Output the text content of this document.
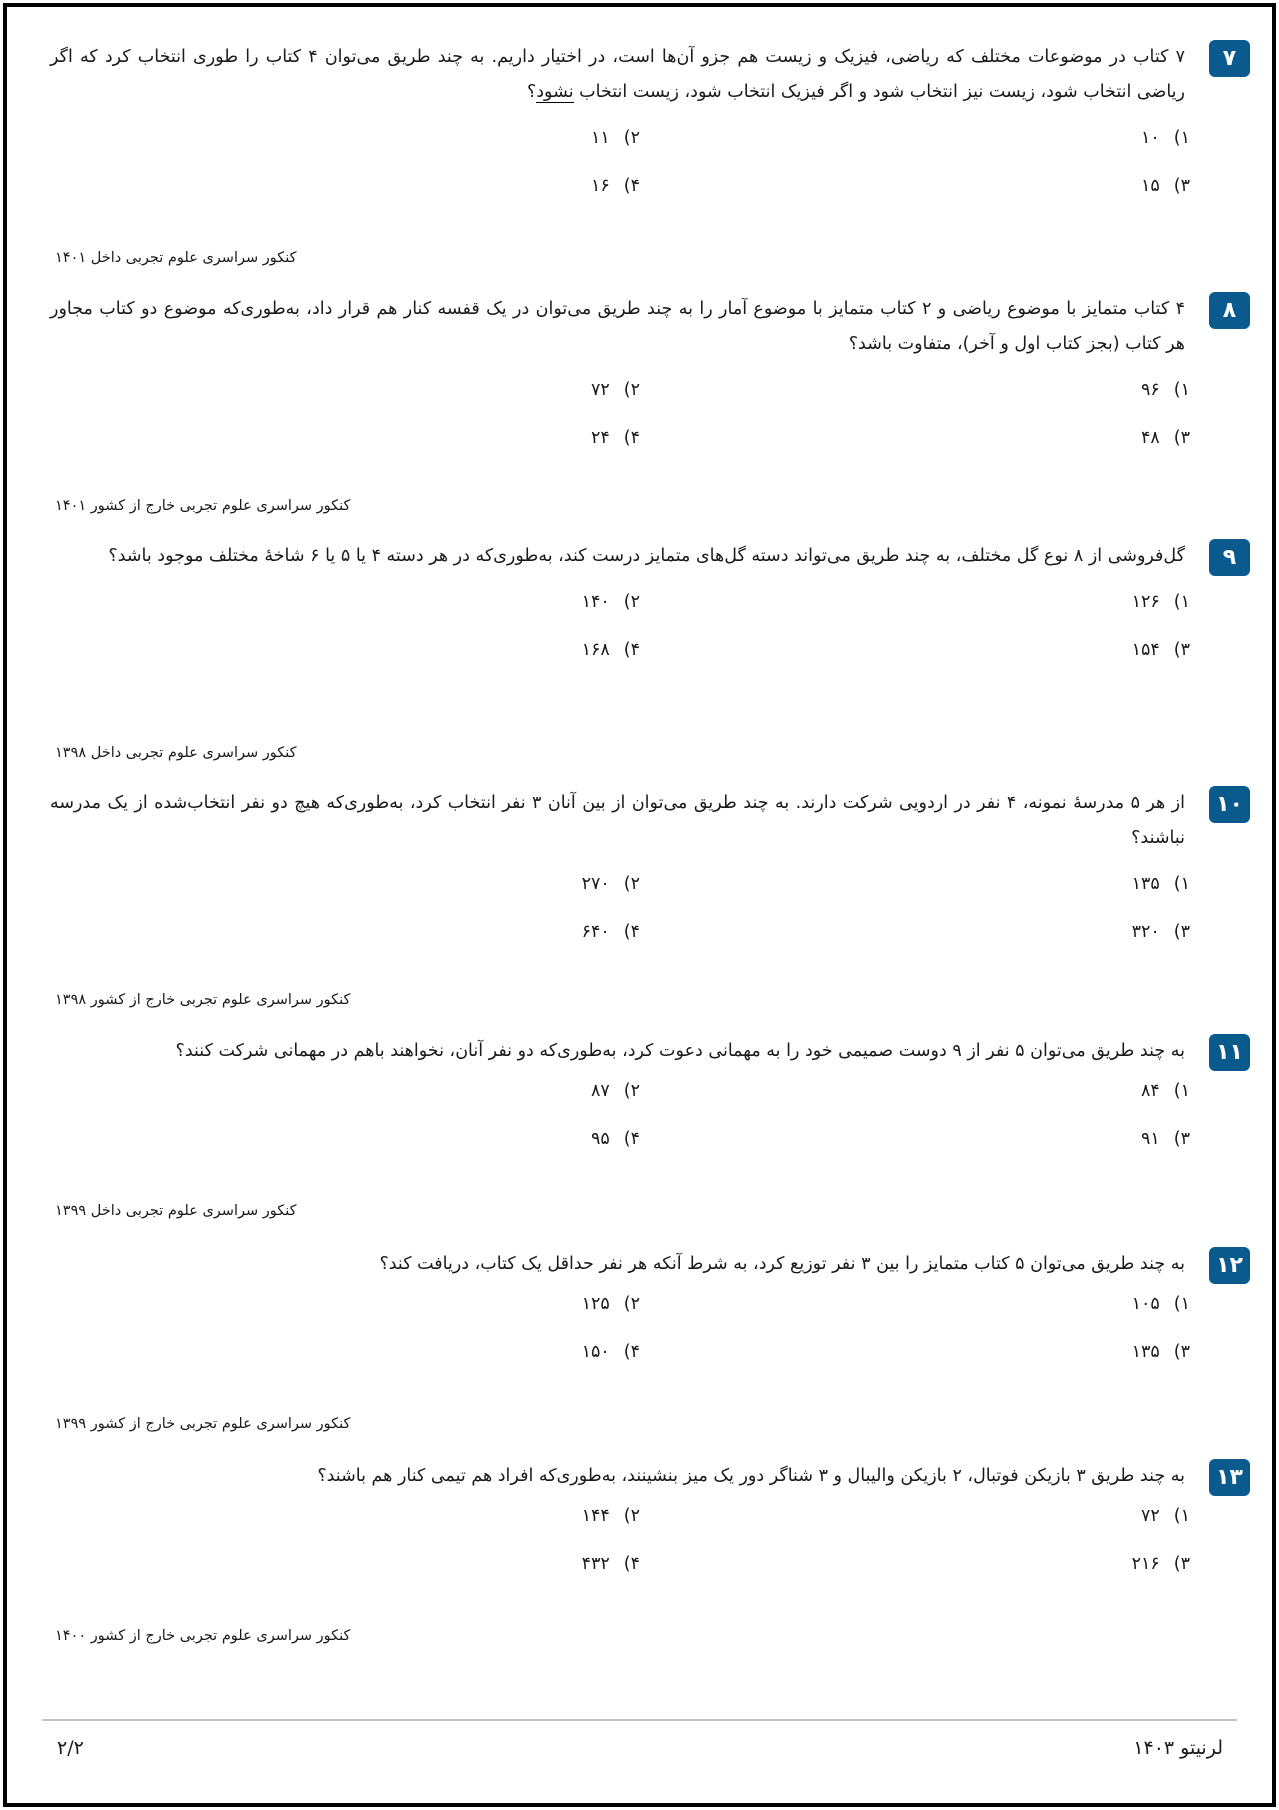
۷
۷ کتاب در موضوعات مختلف که ریاضی، فیزیک و زیست هم جزو آن‌ها است، در اختیار داریم. به چند طریق می‌توان ۴ کتاب را طوری انتخاب کرد که اگر ریاضی انتخاب شود، زیست نیز انتخاب شود و اگر فیزیک انتخاب شود، زیست انتخاب نشود؟
۱)۱۰
۲)۱۱
۳)۱۵
۴)۱۶
کنکور سراسری علوم تجربی داخل ۱۴۰۱
۸
۴ کتاب متمایز با موضوع ریاضی و ۲ کتاب متمایز با موضوع آمار را به چند طریق می‌توان در یک قفسه کنار هم قرار داد، به‌طوری‌که موضوع دو کتاب مجاور هر کتاب (بجز کتاب اول و آخر)، متفاوت باشد؟
۱)۹۶
۲)۷۲
۳)۴۸
۴)۲۴
کنکور سراسری علوم تجربی خارج از کشور ۱۴۰۱
۹
گل‌فروشی از ۸ نوع گل مختلف، به چند طریق می‌تواند دسته گل‌های متمایز درست کند، به‌طوری‌که در هر دسته ۴ یا ۵ یا ۶ شاخهٔ مختلف موجود باشد؟
۱)۱۲۶
۲)۱۴۰
۳)۱۵۴
۴)۱۶۸
کنکور سراسری علوم تجربی داخل ۱۳۹۸
۱۰
از هر ۵ مدرسهٔ نمونه، ۴ نفر در اردویی شرکت دارند. به چند طریق می‌توان از بین آنان ۳ نفر انتخاب کرد، به‌طوری‌که هیچ دو نفر انتخاب‌شده از یک مدرسه نباشند؟
۱)۱۳۵
۲)۲۷۰
۳)۳۲۰
۴)۶۴۰
کنکور سراسری علوم تجربی خارج از کشور ۱۳۹۸
۱۱
به چند طریق می‌توان ۵ نفر از ۹ دوست صمیمی خود را به مهمانی دعوت کرد، به‌طوری‌که دو نفر آنان، نخواهند باهم در مهمانی شرکت کنند؟
۱)۸۴
۲)۸۷
۳)۹۱
۴)۹۵
کنکور سراسری علوم تجربی داخل ۱۳۹۹
۱۲
به چند طریق می‌توان ۵ کتاب متمایز را بین ۳ نفر توزیع کرد، به شرط آنکه هر نفر حداقل یک کتاب، دریافت کند؟
۱)۱۰۵
۲)۱۲۵
۳)۱۳۵
۴)۱۵۰
کنکور سراسری علوم تجربی خارج از کشور ۱۳۹۹
۱۳
به چند طریق ۳ بازیکن فوتبال، ۲ بازیکن والیبال و ۳ شناگر دور یک میز بنشینند، به‌طوری‌که افراد هم تیمی کنار هم باشند؟
۱)۷۲
۲)۱۴۴
۳)۲۱۶
۴)۴۳۲
کنکور سراسری علوم تجربی خارج از کشور ۱۴۰۰
لرنیتو ۱۴۰۳
۲/۲
